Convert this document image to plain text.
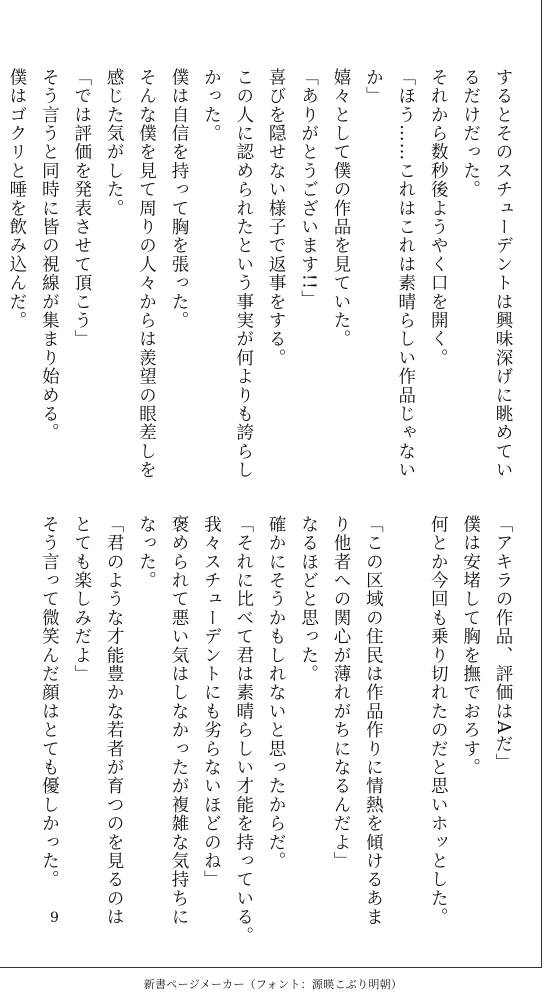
するとそのスチューデントは興味深げに眺めてい
るだけだった。
それから数秒後ようやく口を開く。
「ほう……これはこれは素晴らしい作品じゃない
か」
嬉々として僕の作品を見ていた。
「ありがとうございます!!」
喜びを隠せない様子で返事をする。
この人に認められたという事実が何よりも誇らし
かった。
僕は自信を持って胸を張った。
そんな僕を見て周りの人々からは羨望の眼差しを
感じた気がした。
「では評価を発表させて頂こう」
そう言うと同時に皆の視線が集まり始める。
僕はゴクリと唾を飲み込んだ。
「アキラの作品、評価はAだ」
僕は安堵して胸を撫でおろす。
何とか今回も乗り切れたのだと思いホッとした。
「この区域の住民は作品作りに情熱を傾けるあま
り他者への関心が薄れがちになるんだよ」
なるほどと思った。
確かにそうかもしれないと思ったからだ。
「それに比べて君は素晴らしい才能を持っている。
我々スチューデントにも劣らないほどのね」
褒められて悪い気はしなかったが複雑な気持ちに
なった。
「君のような才能豊かな若者が育つのを見るのは
とても楽しみだよ」
そう言って微笑んだ顔はとても優しかった。
9
新書ページメーカー（フォント：源暎こぶり明朝）
